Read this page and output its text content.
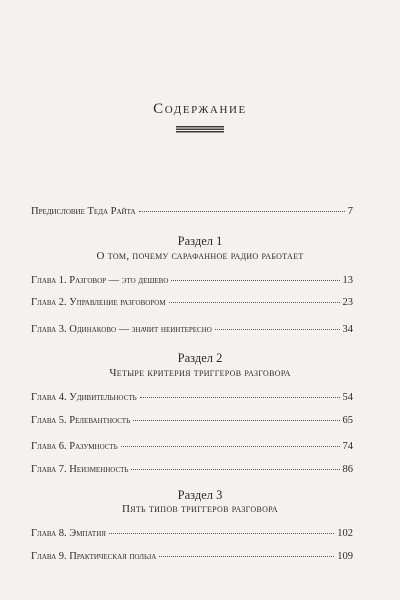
Содержание
Предисловие Теда Райта	7
Раздел 1
О том, почему сарафанное радио работает
Глава 1. Разговор — это дешево	13
Глава 2. Управление разговором	23
Глава 3. Одинаково — значит неинтересно	34
Раздел 2
Четыре критерия триггеров разговора
Глава 4. Удивительность	54
Глава 5. Релевантность	65
Глава 6. Разумность	74
Глава 7. Неизменность	86
Раздел 3
Пять типов триггеров разговора
Глава 8. Эмпатия	102
Глава 9. Практическая польза	109
